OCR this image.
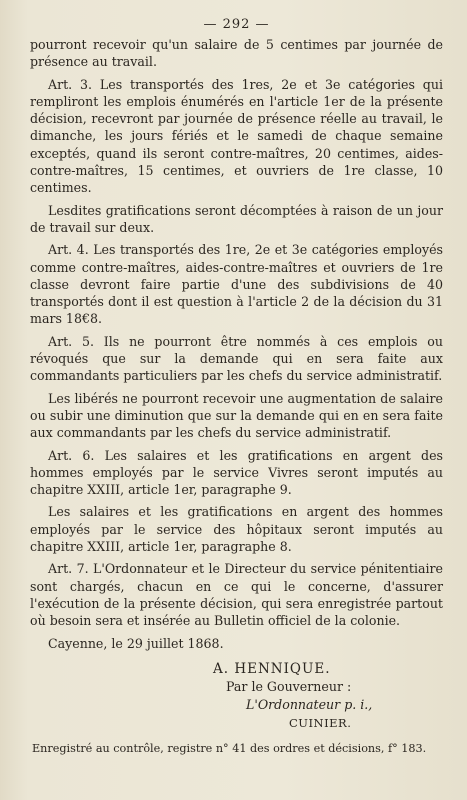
— 292 —

pourront recevoir qu'un salaire de 5 centimes par journée de présence au travail.

Art. 3. Les transportés des 1res, 2e et 3e catégories qui rempliront les emplois énumérés en l'article 1er de la présente décision, recevront par journée de présence réelle au travail, le dimanche, les jours fériés et le samedi de chaque semaine exceptés, quand ils seront contre-maîtres, 20 centimes, aides-contre-maîtres, 15 centimes, et ouvriers de 1re classe, 10 centimes.

Lesdites gratifications seront décomptées à raison de un jour de travail sur deux.

Art. 4. Les transportés des 1re, 2e et 3e catégories employés comme contre-maîtres, aides-contre-maîtres et ouvriers de 1re classe devront faire partie d'une des subdivisions de 40 transportés dont il est question à l'article 2 de la décision du 31 mars 18€8.

Art. 5. Ils ne pourront être nommés à ces emplois ou révoqués que sur la demande qui en sera faite aux commandants particuliers par les chefs du service administratif.

Les libérés ne pourront recevoir une augmentation de salaire ou subir une diminution que sur la demande qui en en sera faite aux commandants par les chefs du service administratif.

Art. 6. Les salaires et les gratifications en argent des hommes employés par le service Vivres seront imputés au chapitre XXIII, article 1er, paragraphe 9.

Les salaires et les gratifications en argent des hommes employés par le service des hôpitaux seront imputés au chapitre XXIII, article 1er, paragraphe 8.

Art. 7. L'Ordonnateur et le Directeur du service pénitentiaire sont chargés, chacun en ce qui le concerne, d'assurer l'exécution de la présente décision, qui sera enregistrée partout où besoin sera et insérée au Bulletin officiel de la colonie.

Cayenne, le 29 juillet 1868.

A. HENNIQUE.
Par le Gouverneur :
L'Ordonnateur p. i.,
CUINIER.
Enregistré au contrôle, registre n° 41 des ordres et décisions, f° 183.
